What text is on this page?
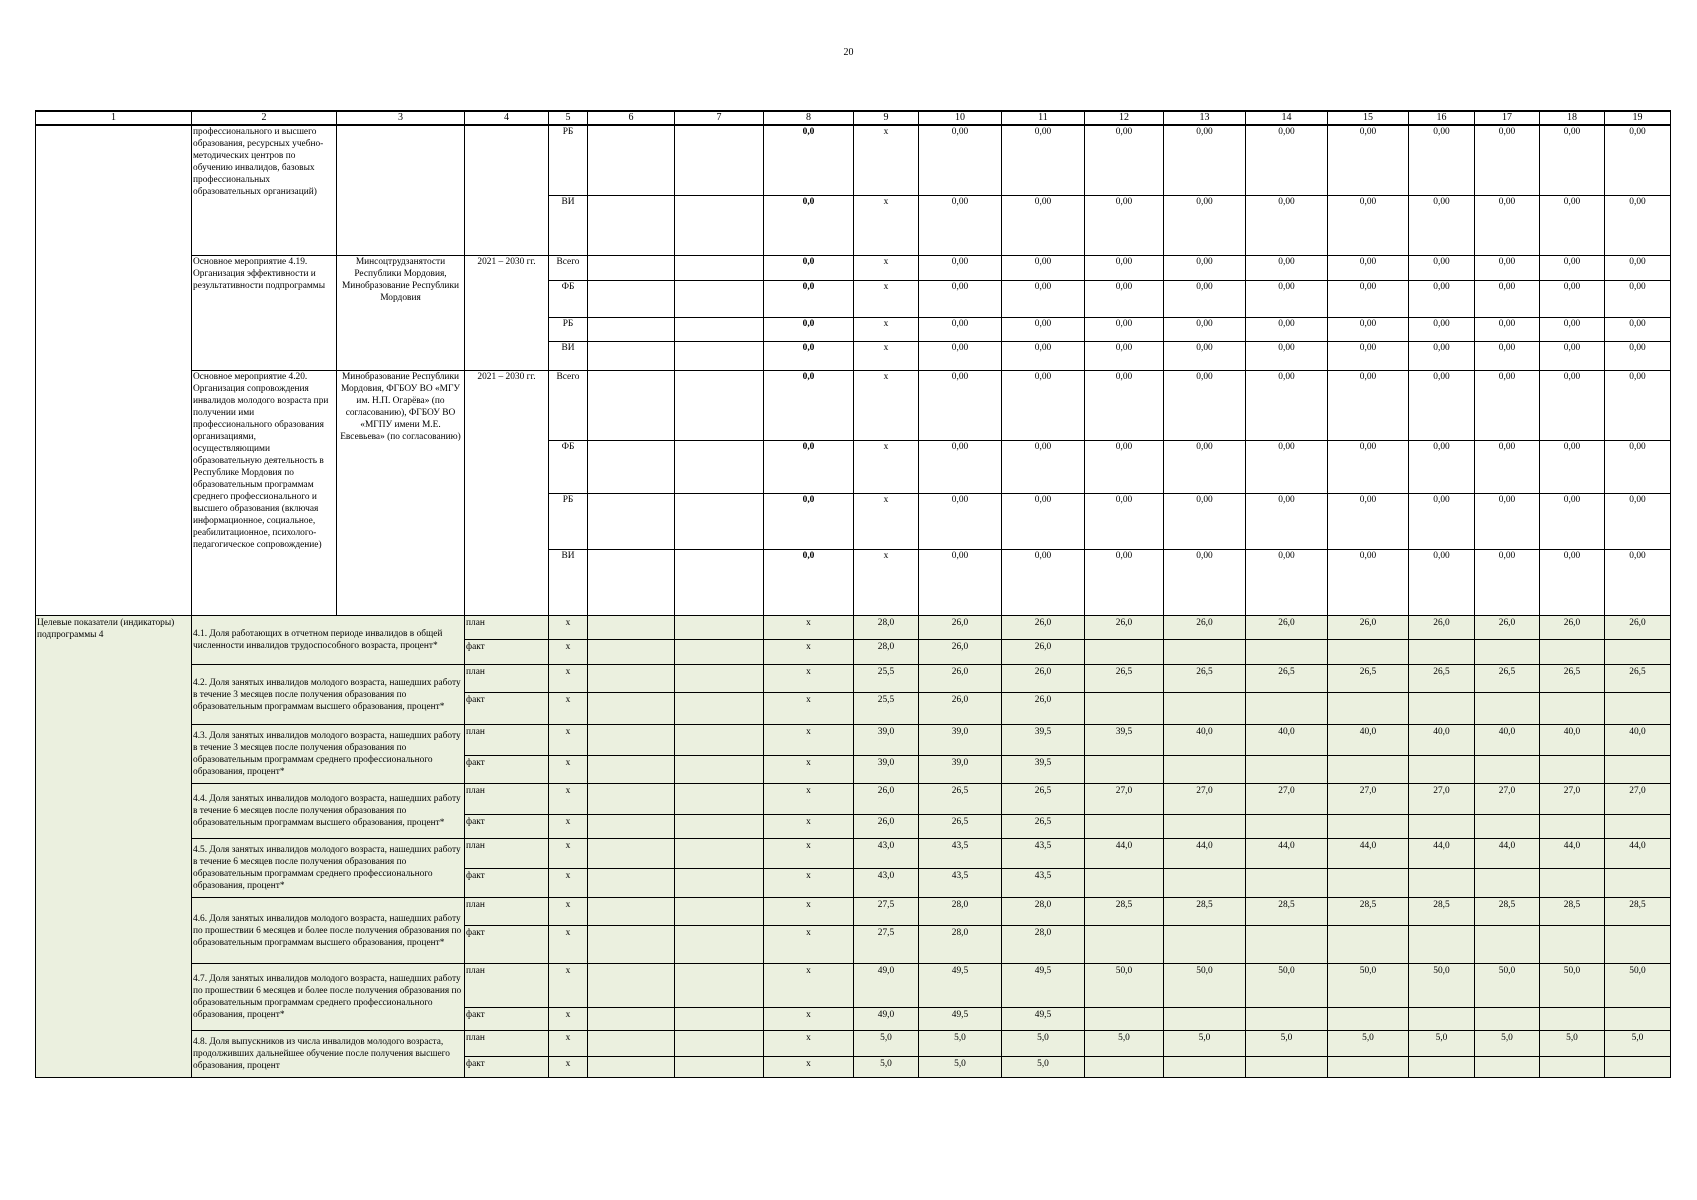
20
1	2	3	4	5	6	7	8	9	10	11	12	13	14	15	16	17	18	19
	профессионального и высшего образования, ресурсных учебно-методических центров по обучению инвалидов, базовых профессиональных образовательных организаций)			РБ			0,0	х	0,00	0,00	0,00	0,00	0,00	0,00	0,00	0,00	0,00	0,00
				ВИ			0,0	х	0,00	0,00	0,00	0,00	0,00	0,00	0,00	0,00	0,00	0,00
	Основное мероприятие 4.19. Организация эффективности и результативности подпрограммы	Минсоцтрудзанятости Республики Мордовия, Минобразование Республики Мордовия	2021 – 2030 гг.	Всего			0,0	х	0,00	0,00	0,00	0,00	0,00	0,00	0,00	0,00	0,00	0,00
				ФБ			0,0	х	0,00	0,00	0,00	0,00	0,00	0,00	0,00	0,00	0,00	0,00
				РБ			0,0	х	0,00	0,00	0,00	0,00	0,00	0,00	0,00	0,00	0,00	0,00
				ВИ			0,0	х	0,00	0,00	0,00	0,00	0,00	0,00	0,00	0,00	0,00	0,00
	Основное мероприятие 4.20. Организация сопровождения инвалидов молодого возраста при получении ими профессионального образования организациями, осуществляющими образовательную деятельность в Республике Мордовия по образовательным программам среднего профессионального и высшего образования (включая информационное, социальное, реабилитационное, психолого-педагогическое сопровождение)	Минобразование Республики Мордовия, ФГБОУ ВО «МГУ им. Н.П. Огарёва» (по согласованию), ФГБОУ ВО «МГПУ имени М.Е. Евсевьева» (по согласованию)	2021 – 2030 гг.	Всего			0,0	х	0,00	0,00	0,00	0,00	0,00	0,00	0,00	0,00	0,00	0,00
				ФБ			0,0	х	0,00	0,00	0,00	0,00	0,00	0,00	0,00	0,00	0,00	0,00
				РБ			0,0	х	0,00	0,00	0,00	0,00	0,00	0,00	0,00	0,00	0,00	0,00
				ВИ			0,0	х	0,00	0,00	0,00	0,00	0,00	0,00	0,00	0,00	0,00	0,00
Целевые показатели (индикаторы) подпрограммы 4	4.1. Доля работающих в отчетном периоде инвалидов в общей численности инвалидов трудоспособного возраста, процент*		план	х			х	28,0	26,0	26,0	26,0	26,0	26,0	26,0	26,0	26,0	26,0	26,0
			факт	х			х	28,0	26,0	26,0								
	4.2. Доля занятых инвалидов молодого возраста, нашедших работу в течение 3 месяцев после получения образования по образовательным программам высшего образования, процент*		план	х			х	25,5	26,0	26,0	26,5	26,5	26,5	26,5	26,5	26,5	26,5	26,5
			факт	х			х	25,5	26,0	26,0								
	4.3. Доля занятых инвалидов молодого возраста, нашедших работу в течение 3 месяцев после получения образования по образовательным программам среднего профессионального образования, процент*		план	х			х	39,0	39,0	39,5	39,5	40,0	40,0	40,0	40,0	40,0	40,0	40,0
			факт	х			х	39,0	39,0	39,5								
	4.4. Доля занятых инвалидов молодого возраста, нашедших работу в течение 6 месяцев после получения образования по образовательным программам высшего образования, процент*		план	х			х	26,0	26,5	26,5	27,0	27,0	27,0	27,0	27,0	27,0	27,0	27,0
			факт	х			х	26,0	26,5	26,5								
	4.5. Доля занятых инвалидов молодого возраста, нашедших работу в течение 6 месяцев после получения образования по образовательным программам среднего профессионального образования, процент*		план	х			х	43,0	43,5	43,5	44,0	44,0	44,0	44,0	44,0	44,0	44,0	44,0
			факт	х			х	43,0	43,5	43,5								
	4.6. Доля занятых инвалидов молодого возраста, нашедших работу по прошествии 6 месяцев и более после получения образования по образовательным программам высшего образования, процент*		план	х			х	27,5	28,0	28,0	28,5	28,5	28,5	28,5	28,5	28,5	28,5	28,5
			факт	х			х	27,5	28,0	28,0								
	4.7. Доля занятых инвалидов молодого возраста, нашедших работу по прошествии 6 месяцев и более после получения образования по образовательным программам среднего профессионального образования, процент*		план	х			х	49,0	49,5	49,5	50,0	50,0	50,0	50,0	50,0	50,0	50,0	50,0
			факт	х			х	49,0	49,5	49,5								
	4.8. Доля выпускников из числа инвалидов молодого возраста, продолживших дальнейшее обучение после получения высшего образования, процент		план	х			х	5,0	5,0	5,0	5,0	5,0	5,0	5,0	5,0	5,0	5,0	5,0
			факт	х			х	5,0	5,0	5,0								
